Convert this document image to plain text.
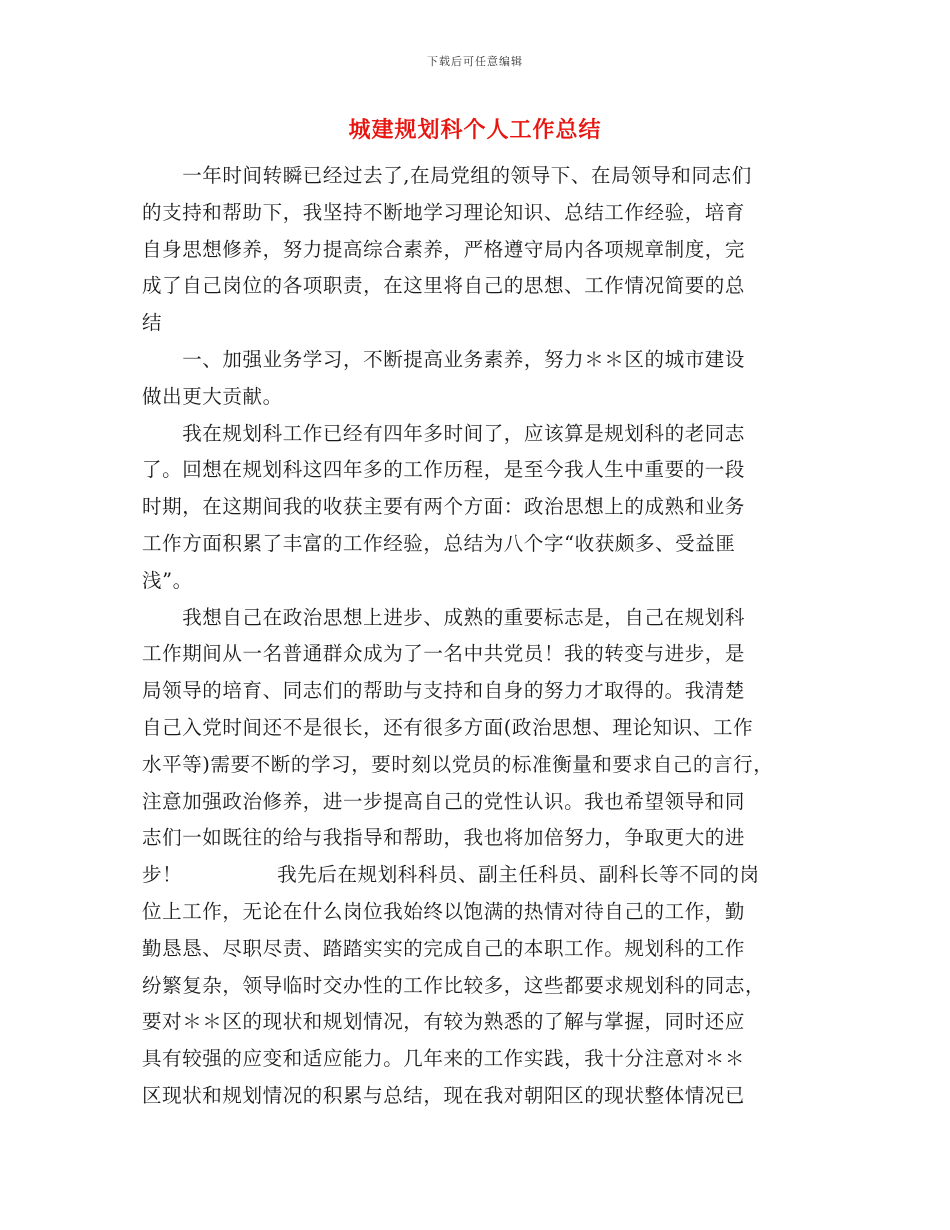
下载后可任意编辑
城建规划科个人工作总结
　　一年时间转瞬已经过去了,在局党组的领导下、在局领导和同志们
的支持和帮助下，我坚持不断地学习理论知识、总结工作经验，培育
自身思想修养，努力提高综合素养，严格遵守局内各项规章制度，完
成了自己岗位的各项职责，在这里将自己的思想、工作情况简要的总
结
　　一、加强业务学习，不断提高业务素养，努力＊＊区的城市建设
做出更大贡献。
　　我在规划科工作已经有四年多时间了，应该算是规划科的老同志
了。回想在规划科这四年多的工作历程，是至今我人生中重要的一段
时期，在这期间我的收获主要有两个方面：政治思想上的成熟和业务
工作方面积累了丰富的工作经验，总结为八个字“收获颇多、受益匪
浅”。
　　我想自己在政治思想上进步、成熟的重要标志是，自己在规划科
工作期间从一名普通群众成为了一名中共党员！我的转变与进步，是
局领导的培育、同志们的帮助与支持和自身的努力才取得的。我清楚
自己入党时间还不是很长，还有很多方面(政治思想、理论知识、工作
水平等)需要不断的学习，要时刻以党员的标准衡量和要求自己的言行，
注意加强政治修养，进一步提高自己的党性认识。我也希望领导和同
志们一如既往的给与我指导和帮助，我也将加倍努力，争取更大的进
步！	我先后在规划科科员、副主任科员、副科长等不同的岗
位上工作，无论在什么岗位我始终以饱满的热情对待自己的工作，勤
勤恳恳、尽职尽责、踏踏实实的完成自己的本职工作。规划科的工作
纷繁复杂，领导临时交办性的工作比较多，这些都要求规划科的同志，
要对＊＊区的现状和规划情况，有较为熟悉的了解与掌握，同时还应
具有较强的应变和适应能力。几年来的工作实践，我十分注意对＊＊
区现状和规划情况的积累与总结，现在我对朝阳区的现状整体情况已
